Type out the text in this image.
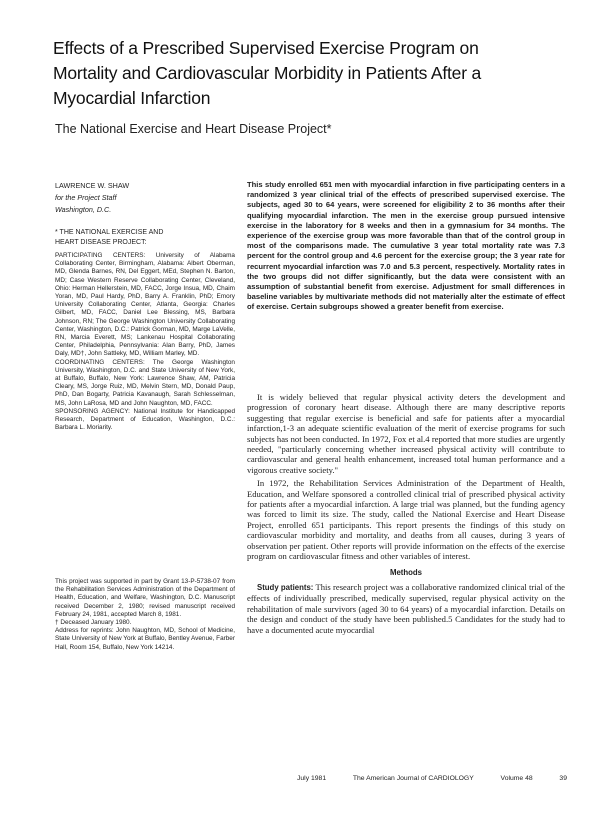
Effects of a Prescribed Supervised Exercise Program on
Mortality and Cardiovascular Morbidity in Patients After a
Myocardial Infarction
The National Exercise and Heart Disease Project*
LAWRENCE W. SHAW
for the Project Staff
Washington, D.C.
* THE NATIONAL EXERCISE AND
HEART DISEASE PROJECT:

PARTICIPATING CENTERS: University of Alabama Collaborating Center, Birmingham, Alabama: Albert Oberman, MD, Glenda Barnes, RN, Del Eggert, MEd, Stephen N. Barton, MD; Case Western Reserve Collaborating Center, Cleveland, Ohio: Herman Hellerstein, MD, FACC, Jorge Insua, MD, Chaim Yoran, MD, Paul Hardy, PhD, Barry A. Franklin, PhD; Emory University Collaborating Center, Atlanta, Georgia: Charles Gilbert, MD, FACC, Daniel Lee Blessing, MS, Barbara Johnson, RN; The George Washington University Collaborating Center, Washington, D.C.: Patrick Gorman, MD, Marge LaVelle, RN, Marcia Everett, MS; Lankenau Hospital Collaborating Center, Philadelphia, Pennsylvania: Alan Barry, PhD, James Daly, MD†, John Sattleky, MD, William Marley, MD.

COORDINATING CENTERS: The George Washington University, Washington, D.C. and State University of New York, at Buffalo, Buffalo, New York: Lawrence Shaw, AM, Patricia Cleary, MS, Jorge Ruiz, MD, Melvin Stern, MD, Donald Paup, PhD, Dan Bogarty, Patricia Kavanaugh, Sarah Schlesselman, MS, John LaRosa, MD and John Naughton, MD, FACC.

SPONSORING AGENCY: National Institute for Handicapped Research, Department of Education, Washington, D.C.: Barbara L. Moriarity.

This project was supported in part by Grant 13-P-5738-07 from the Rehabilitation Services Administration of the Department of Health, Education, and Welfare, Washington, D.C. Manuscript received December 2, 1980; revised manuscript received February 24, 1981, accepted March 8, 1981.

† Deceased January 1980.

Address for reprints: John Naughton, MD, School of Medicine, State University of New York at Buffalo, Bentley Avenue, Farber Hall, Room 154, Buffalo, New York 14214.

This study enrolled 651 men with myocardial infarction in five participating centers in a randomized 3 year clinical trial of the effects of prescribed supervised exercise. The subjects, aged 30 to 64 years, were screened for eligibility 2 to 36 months after their qualifying myocardial infarction. The men in the exercise group pursued intensive exercise in the laboratory for 8 weeks and then in a gymnasium for 34 months. The experience of the exercise group was more favorable than that of the control group in most of the comparisons made. The cumulative 3 year total mortality rate was 7.3 percent for the control group and 4.6 percent for the exercise group; the 3 year rate for recurrent myocardial infarction was 7.0 and 5.3 percent, respectively. Mortality rates in the two groups did not differ significantly, but the data were consistent with an assumption of substantial benefit from exercise. Adjustment for small differences in baseline variables by multivariate methods did not materially alter the estimate of effect of exercise. Certain subgroups showed a greater benefit from exercise.

It is widely believed that regular physical activity deters the development and progression of coronary heart disease. Although there are many descriptive reports suggesting that regular exercise is beneficial and safe for patients after a myocardial infarction,1-3 an adequate scientific evaluation of the merit of exercise programs for such subjects has not been conducted. In 1972, Fox et al.4 reported that more studies are urgently needed, "particularly concerning whether increased physical activity will contribute to cardiovascular and general health enhancement, increased total human performance and a vigorous creative society."

In 1972, the Rehabilitation Services Administration of the Department of Health, Education, and Welfare sponsored a controlled clinical trial of prescribed physical activity for patients after a myocardial infarction. A large trial was planned, but the funding agency was forced to limit its size. The study, called the National Exercise and Heart Disease Project, enrolled 651 participants. This report presents the findings of this study on cardiovascular morbidity and mortality, and deaths from all causes, during 3 years of observation per patient. Other reports will provide information on the effects of the exercise program on cardiovascular fitness and other variables of interest.

Methods

Study patients: This research project was a collaborative randomized clinical trial of the effects of individually prescribed, medically supervised, regular physical activity on the rehabilitation of male survivors (aged 30 to 64 years) of a myocardial infarction. Details on the design and conduct of the study have been published.5 Candidates for the study had to have a documented acute myocardial

July 1981	The American Journal of CARDIOLOGY	Volume 48	39
